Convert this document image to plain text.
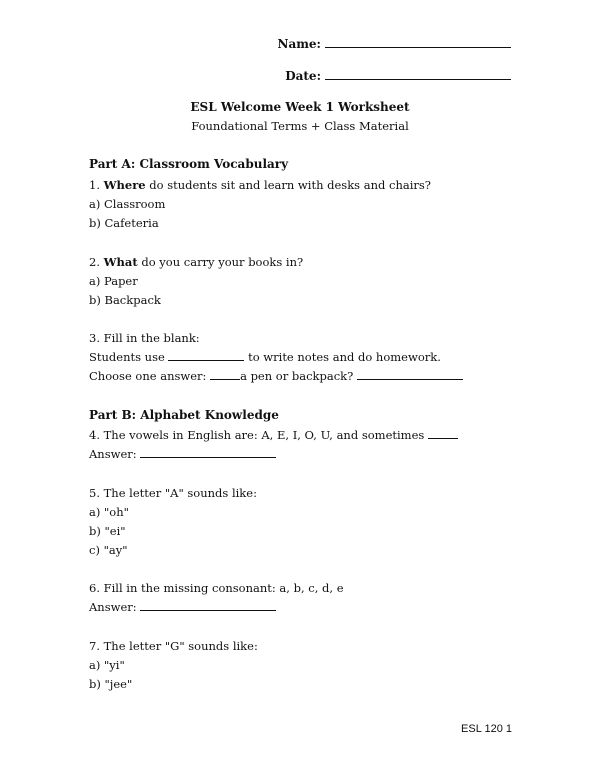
Name:
Date:
ESL Welcome Week 1 Worksheet
Foundational Terms + Class Material
Part A: Classroom Vocabulary
1. Where do students sit and learn with desks and chairs?
a) Classroom
b) Cafeteria
2. What do you carry your books in?
a) Paper
b) Backpack
3. Fill in the blank:
Students use	to write notes and do homework.
Choose one answer:	a pen or backpack?
Part B: Alphabet Knowledge
4. The vowels in English are: A, E, I, O, U, and sometimes
Answer:
5. The letter "A" sounds like:
a) "oh"
b) "ei"
c) "ay"
6. Fill in the missing consonant: a, b, c, d, e
Answer:
7. The letter "G" sounds like:
a) "yi"
b) "jee"
ESL 120 1
